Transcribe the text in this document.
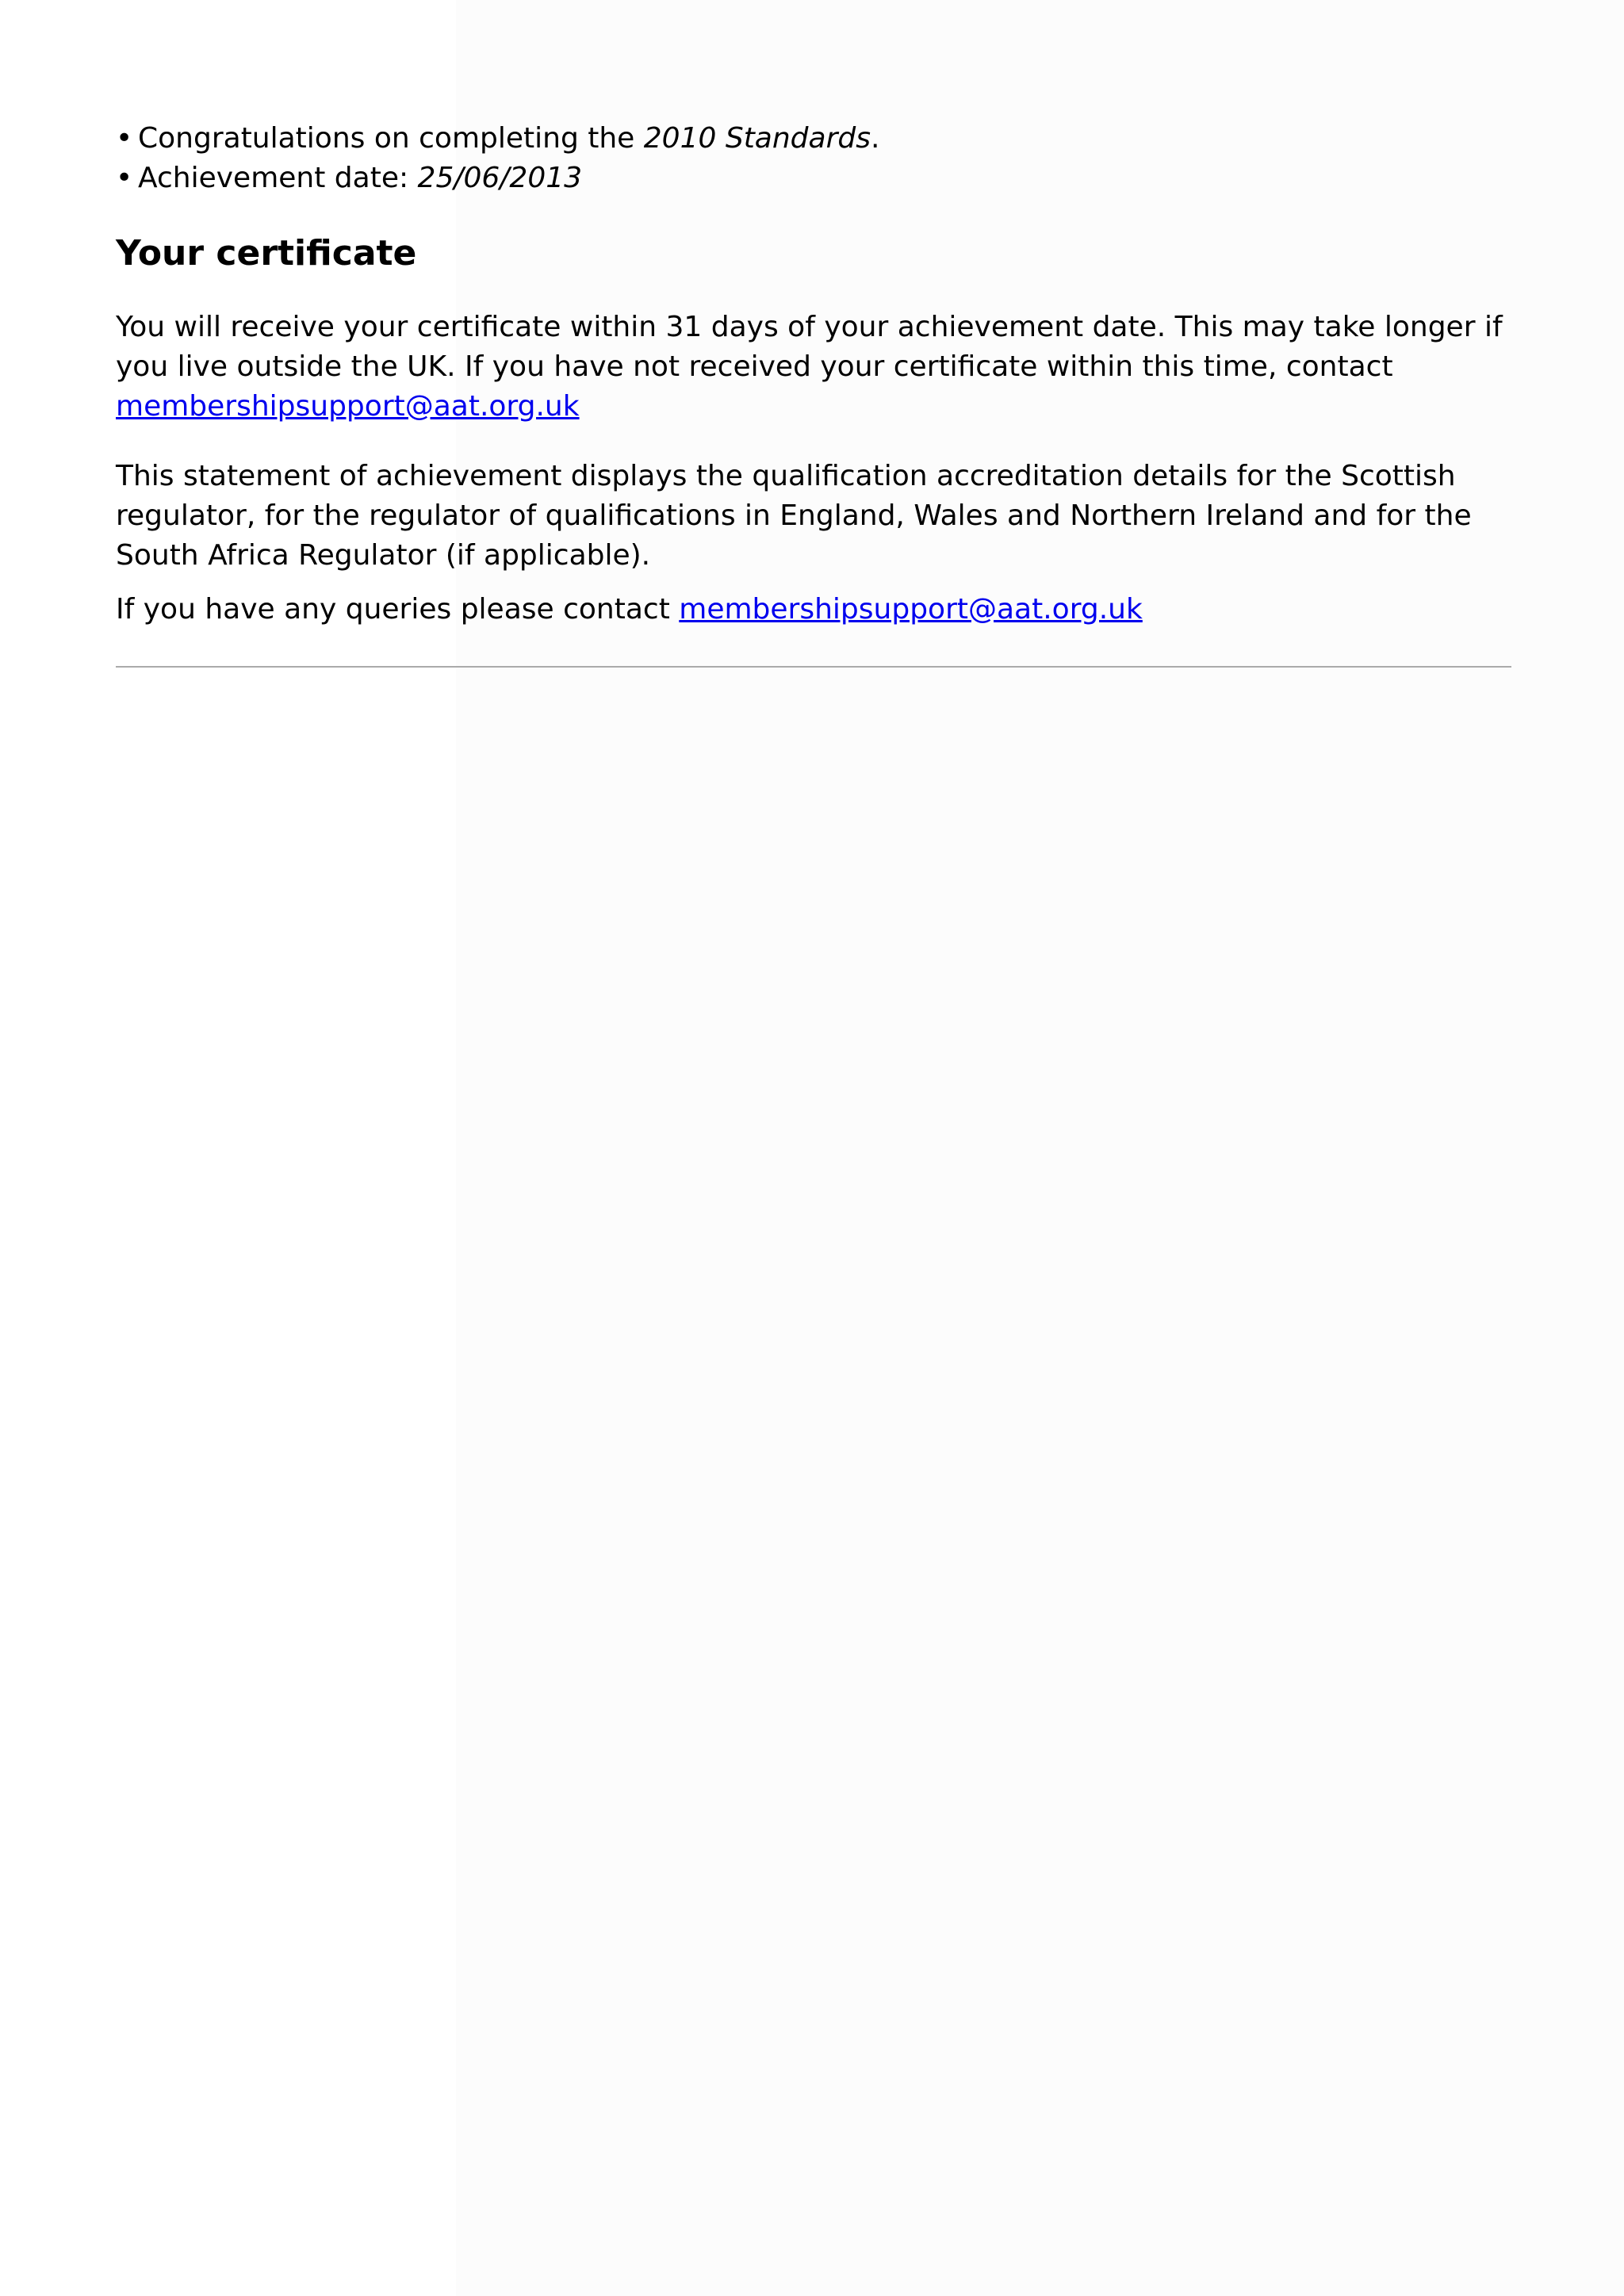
• Congratulations on completing the 2010 Standards.
• Achievement date: 25/06/2013
Your certificate

You will receive your certificate within 31 days of your achievement date. This may take longer if you live outside the UK. If you have not received your certificate within this time, contact membershipsupport@aat.org.uk

This statement of achievement displays the qualification accreditation details for the Scottish regulator, for the regulator of qualifications in England, Wales and Northern Ireland and for the South Africa Regulator (if applicable).

If you have any queries please contact membershipsupport@aat.org.uk
